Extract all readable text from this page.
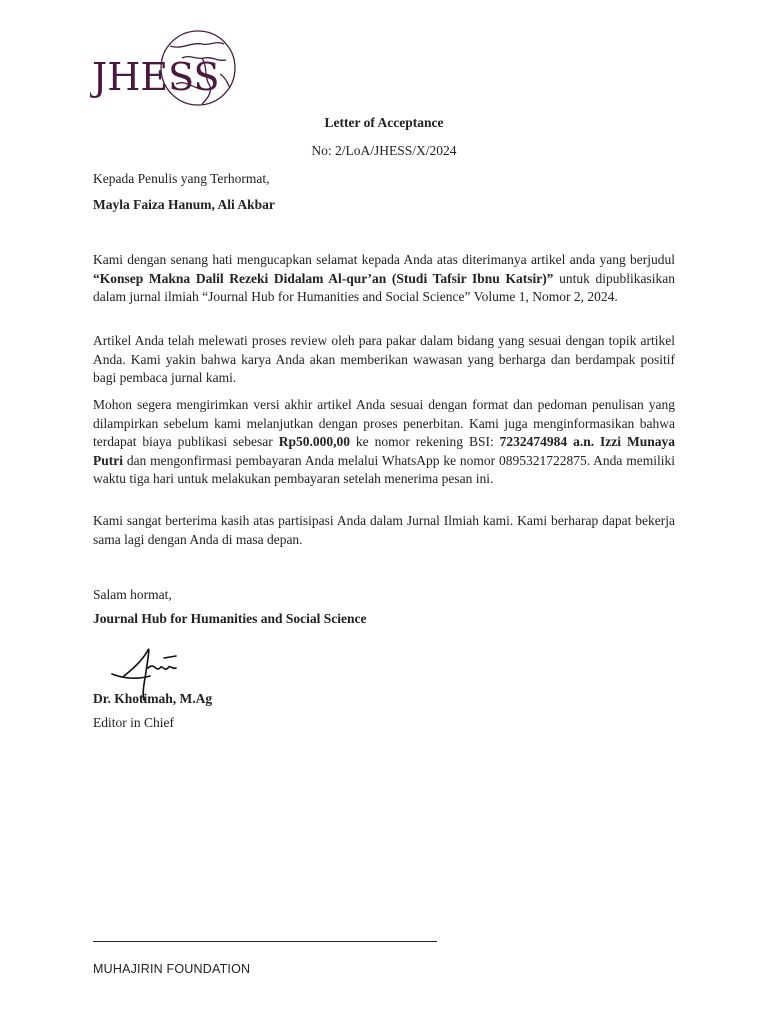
JHESS
Letter of Acceptance
No: 2/LoA/JHESS/X/2024
Kepada Penulis yang Terhormat,
Mayla Faiza Hanum, Ali Akbar
Kami dengan senang hati mengucapkan selamat kepada Anda atas diterimanya artikel anda yang berjudul “Konsep Makna Dalil Rezeki Didalam Al-qur’an (Studi Tafsir Ibnu Katsir)” untuk dipublikasikan dalam jurnal ilmiah “Journal Hub for Humanities and Social Science” Volume 1, Nomor 2, 2024.
Artikel Anda telah melewati proses review oleh para pakar dalam bidang yang sesuai dengan topik artikel Anda. Kami yakin bahwa karya Anda akan memberikan wawasan yang berharga dan berdampak positif bagi pembaca jurnal kami.
Mohon segera mengirimkan versi akhir artikel Anda sesuai dengan format dan pedoman penulisan yang dilampirkan sebelum kami melanjutkan dengan proses penerbitan. Kami juga menginformasikan bahwa terdapat biaya publikasi sebesar Rp50.000,00 ke nomor rekening BSI: 7232474984 a.n. Izzi Munaya Putri dan mengonfirmasi pembayaran Anda melalui WhatsApp ke nomor 0895321722875. Anda memiliki waktu tiga hari untuk melakukan pembayaran setelah menerima pesan ini.
Kami sangat berterima kasih atas partisipasi Anda dalam Jurnal Ilmiah kami. Kami berharap dapat bekerja sama lagi dengan Anda di masa depan.
Salam hormat,
Journal Hub for Humanities and Social Science
Dr. Khotimah, M.Ag
Editor in Chief
MUHAJIRIN FOUNDATION
